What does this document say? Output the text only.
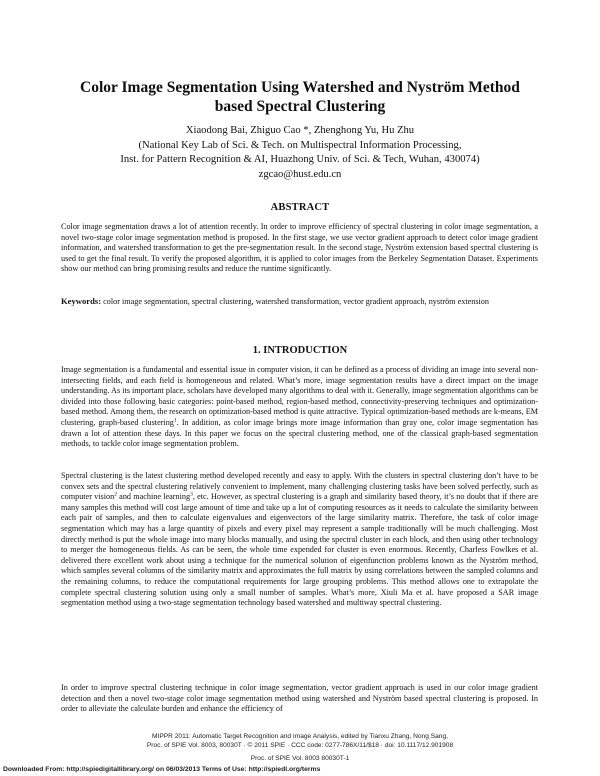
Color Image Segmentation Using Watershed and Nyström Method
based Spectral Clustering
Xiaodong Bai, Zhiguo Cao *, Zhenghong Yu, Hu Zhu
(National Key Lab of Sci. & Tech. on Multispectral Information Processing,
Inst. for Pattern Recognition & AI, Huazhong Univ. of Sci. & Tech, Wuhan, 430074)
zgcao@hust.edu.cn
ABSTRACT

Color image segmentation draws a lot of attention recently. In order to improve efficiency of spectral clustering in color image segmentation, a novel two-stage color image segmentation method is proposed. In the first stage, we use vector gradient approach to detect color image gradient information, and watershed transformation to get the pre-segmentation result. In the second stage, Nyström extension based spectral clustering is used to get the final result. To verify the proposed algorithm, it is applied to color images from the Berkeley Segmentation Dataset. Experiments show our method can bring promising results and reduce the runtime significantly.

Keywords: color image segmentation, spectral clustering, watershed transformation, vector gradient approach, nyström extension
1. INTRODUCTION

Image segmentation is a fundamental and essential issue in computer vision, it can be defined as a process of dividing an image into several non-intersecting fields, and each field is homogeneous and related. What’s more, image segmentation results have a direct impact on the image understanding. As its important place, scholars have developed many algorithms to deal with it. Generally, image segmentation algorithms can be divided into those following basic categories: point-based method, region-based method, connectivity-preserving techniques and optimization-based method. Among them, the research on optimization-based method is quite attractive. Typical optimization-based methods are k-means, EM clustering, graph-based clustering$^1$. In addition, as color image brings more image information than gray one, color image segmentation has drawn a lot of attention these days. In this paper we focus on the spectral clustering method, one of the classical graph-based segmentation methods, to tackle color image segmentation problem.

Spectral clustering is the latest clustering method developed recently and easy to apply. With the clusters in spectral clustering don’t have to be convex sets and the spectral clustering relatively convenient to implement, many challenging clustering tasks have been solved perfectly, such as computer vision$^2$ and machine learning$^3$, etc. However, as spectral clustering is a graph and similarity based theory, it’s no doubt that if there are many samples this method will cost large amount of time and take up a lot of computing resources as it needs to calculate the similarity between each pair of samples, and then to calculate eigenvalues and eigenvectors of the large similarity matrix. Therefore, the task of color image segmentation which may has a large quantity of pixels and every pixel may represent a sample traditionally will be much challenging. Most directly method is put the whole image into many blocks manually, and using the spectral cluster in each block, and then using other technology to merger the homogeneous fields. As can be seen, the whole time expended for cluster is even enormous. Recently, Charless Fowlkes et al. delivered there excellent work about using a technique for the numerical solution of eigenfunction problems known as the Nyström method, which samples several columns of the similarity matrix and approximates the full matrix by using correlations between the sampled columns and the remaining columns, to reduce the computational requirements for large grouping problems. This method allows one to extrapolate the complete spectral clustering solution using only a small number of samples. What’s more, Xiuli Ma et al. have proposed a SAR image segmentation method using a two-stage segmentation technology based watershed and multiway spectral clustering.

In order to improve spectral clustering technique in color image segmentation, vector gradient approach is used in our color image gradient detection and then a novel two-stage color image segmentation method using watershed and Nyström based spectral clustering is proposed. In order to alleviate the calculate burden and enhance the efficiency of

MIPPR 2011: Automatic Target Recognition and Image Analysis, edited by Tianxu Zhang, Nong Sang,
Proc. of SPIE Vol. 8003, 80030T · © 2011 SPIE · CCC code: 0277-786X/11/$18 · doi: 10.1117/12.901908
Proc. of SPIE Vol. 8003 80030T-1
Downloaded From: http://spiedigitallibrary.org/ on 06/03/2013 Terms of Use: http://spiedl.org/terms
